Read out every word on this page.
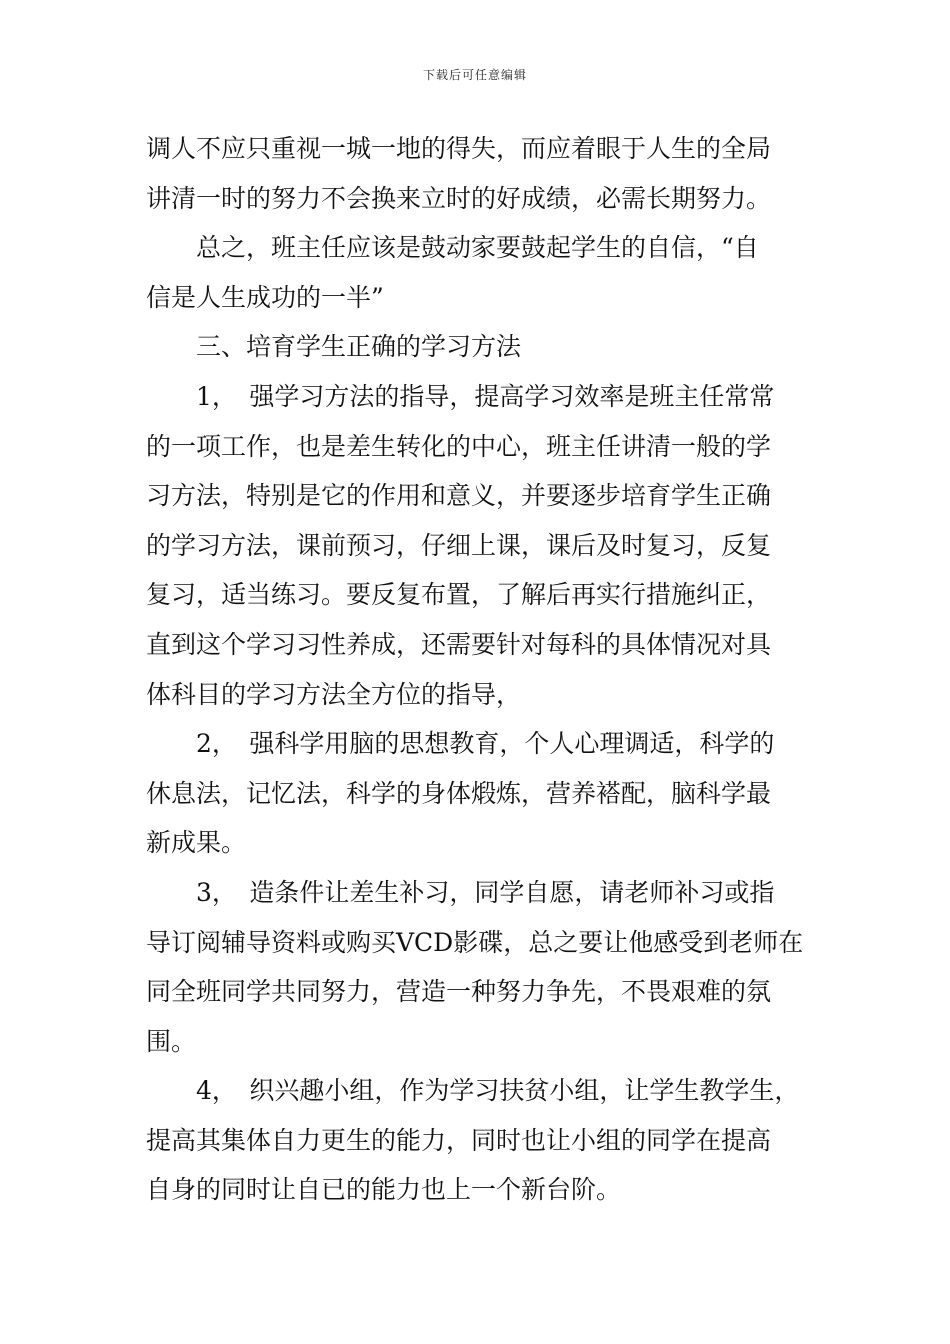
下载后可任意编辑
调人不应只重视一城一地的得失，而应着眼于人生的全局
讲清一时的努力不会换来立时的好成绩，必需长期努力。
总之，班主任应该是鼓动家要鼓起学生的自信，“自
信是人生成功的一半”
三、培育学生正确的学习方法
1，　强学习方法的指导，提高学习效率是班主任常常
的一项工作，也是差生转化的中心，班主任讲清一般的学
习方法，特别是它的作用和意义，并要逐步培育学生正确
的学习方法，课前预习，仔细上课，课后及时复习，反复
复习，适当练习。要反复布置，了解后再实行措施纠正，
直到这个学习习性养成，还需要针对每科的具体情况对具
体科目的学习方法全方位的指导，
2，　强科学用脑的思想教育，个人心理调适，科学的
休息法，记忆法，科学的身体煅炼，营养褡配，脑科学最
新成果。
3，　造条件让差生补习，同学自愿，请老师补习或指
导订阅辅导资料或购买VCD影碟，总之要让他感受到老师在
同全班同学共同努力，营造一种努力争先，不畏艰难的氛
围。
4，　织兴趣小组，作为学习扶贫小组，让学生教学生，
提高其集体自力更生的能力，同时也让小组的同学在提高
自身的同时让自已的能力也上一个新台阶。
